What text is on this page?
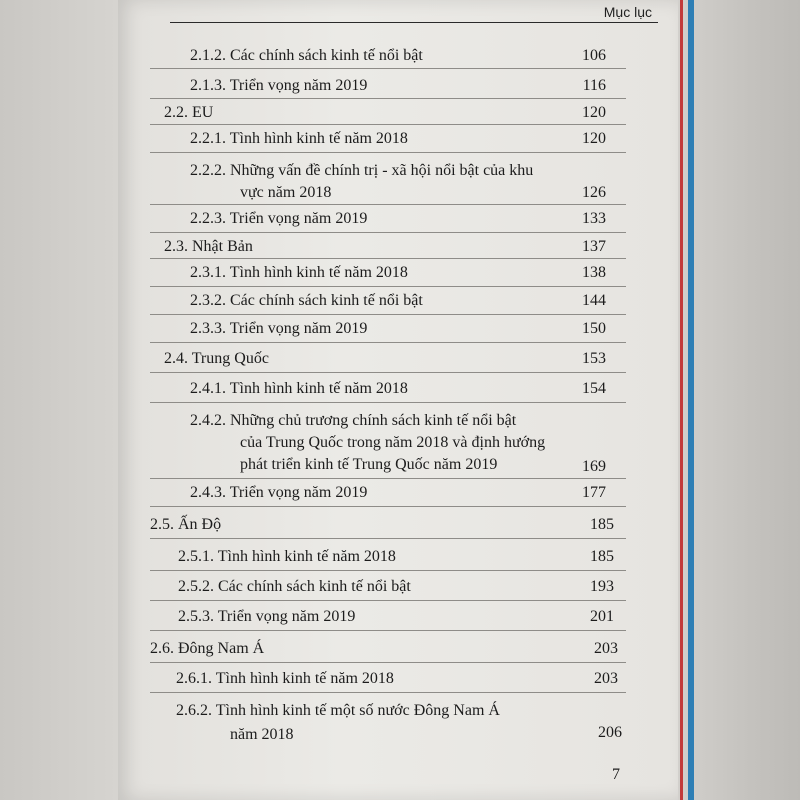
Mục lục
2.1.2. Các chính sách kinh tế nổi bật	106
2.1.3. Triển vọng năm 2019	116
2.2. EU	120
2.2.1. Tình hình kinh tế năm 2018	120
2.2.2. Những vấn đề chính trị - xã hội nổi bật của khu
vực năm 2018	126
2.2.3. Triển vọng năm 2019	133
2.3. Nhật Bản	137
2.3.1. Tình hình kinh tế năm 2018	138
2.3.2. Các chính sách kinh tế nổi bật	144
2.3.3. Triển vọng năm 2019	150
2.4. Trung Quốc	153
2.4.1. Tình hình kinh tế năm 2018	154
2.4.2. Những chủ trương chính sách kinh tế nổi bật
của Trung Quốc trong năm 2018 và định hướng
phát triển kinh tế Trung Quốc năm 2019	169
2.4.3. Triển vọng năm 2019	177
2.5. Ấn Độ	185
2.5.1. Tình hình kinh tế năm 2018	185
2.5.2. Các chính sách kinh tế nổi bật	193
2.5.3. Triển vọng năm 2019	201
2.6. Đông Nam Á	203
2.6.1. Tình hình kinh tế năm 2018	203
2.6.2. Tình hình kinh tế một số nước Đông Nam Á
năm 2018	206
7
